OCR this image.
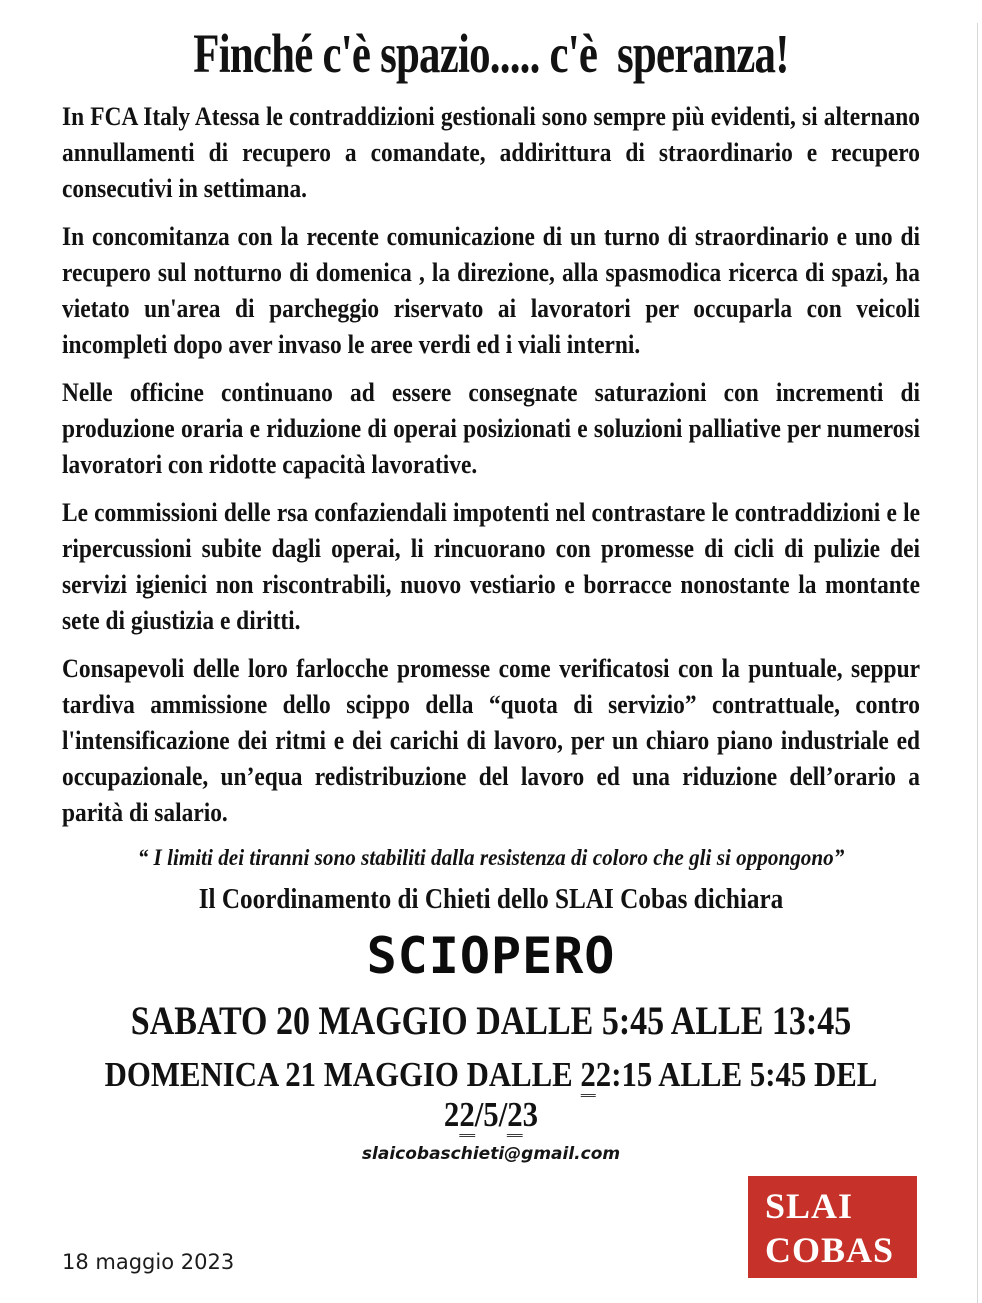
Finché c'è spazio..... c'è  speranza!

In FCA Italy Atessa le contraddizioni gestionali sono sempre più evidenti, si alternano annullamenti di recupero a comandate, addirittura di straordinario e recupero consecutivi in settimana.

In concomitanza con la recente comunicazione di un turno di straordinario e uno di recupero sul notturno di domenica , la direzione, alla spasmodica ricerca di spazi, ha vietato un'area di parcheggio riservato ai lavoratori per occuparla con veicoli incompleti dopo aver invaso le aree verdi ed i viali interni.

Nelle officine continuano ad essere consegnate saturazioni con incrementi di produzione oraria e riduzione di operai posizionati e soluzioni palliative per numerosi lavoratori con ridotte capacità lavorative.

Le commissioni delle rsa confaziendali impotenti nel contrastare le contraddizioni e le ripercussioni subite dagli operai, li rincuorano con promesse di cicli di pulizie dei servizi igienici non riscontrabili, nuovo vestiario e borracce nonostante la montante sete di giustizia e diritti.

Consapevoli delle loro farlocche promesse come verificatosi con la puntuale, seppur tardiva ammissione dello scippo della “quota di servizio” contrattuale, contro l'intensificazione dei ritmi e dei carichi di lavoro, per un chiaro piano industriale ed occupazionale, un’equa redistribuzione del lavoro ed una riduzione dell’orario a parità di salario.

“ I limiti dei tiranni sono stabiliti dalla resistenza di coloro che gli si oppongono”

Il Coordinamento di Chieti dello SLAI Cobas dichiara

SCIOPERO
SABATO 20 MAGGIO DALLE 5:45 ALLE 13:45
DOMENICA 21 MAGGIO DALLE 22:15 ALLE 5:45 DEL 22/5/23
slaicobaschieti@gmail.com
SLAI
COBAS
18 maggio 2023
